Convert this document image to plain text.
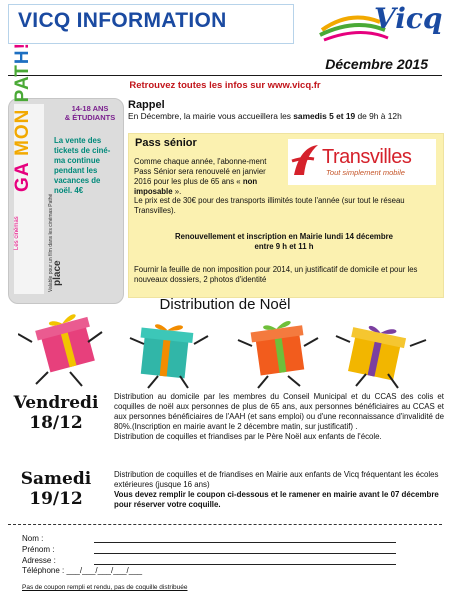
VICQ INFORMATION	Vicq
Décembre 2015
Retrouvez toutes les infos sur www.vicq.fr
GA MON PATH!
Les cinémas
place
Valable pour un film dans les cinémas Pathé
14-18 ANS
& ÉTUDIANTS
La vente des tickets de ciné-ma continue pendant les vacances de noël. 4€
Rappel
En Décembre, la mairie vous accueillera les samedis 5 et 19 de 9h à 12h
Pass sénior
Comme chaque année, l'abonne-ment Pass Sénior sera renouvelé en janvier 2016 pour les plus de 65 ans « non imposable ».
Transvilles
Tout simplement mobile
Le prix est de 30€ pour des transports illimités toute l'année (sur tout le réseau Transvilles).
Renouvellement et inscription en Mairie lundi 14 décembre
entre 9 h et 11 h
Fournir la feuille de non imposition pour 2014, un justificatif de domicile et pour les nouveaux dossiers, 2 photos d'identité
Distribution de Noël
Vendredi
18/12
Distribution au domicile par les membres du Conseil Municipal et du CCAS des colis et coquilles de noël aux personnes de plus de 65 ans, aux personnes bénéficiaires au CCAS et aux personnes bénéficiaires de l'AAH (et sans emploi) ou d'une reconnaissance d'invalidité de 80%.(Inscription en mairie avant le 2 décembre matin, sur justificatif) .
Distribution de coquilles et friandises par le Père Noël aux enfants de l'école.
Samedi
19/12
Distribution de coquilles et de friandises en Mairie aux enfants de Vicq fréquentant les écoles extérieures (jusque 16 ans)
Vous devez remplir le coupon ci-dessous et le ramener en mairie avant le 07 décembre pour réserver votre coquille.
Nom :
Prénom :
Adresse :
Téléphone : ___/___/___/___/___
Pas de coupon rempli et rendu, pas de coquille distribuée
